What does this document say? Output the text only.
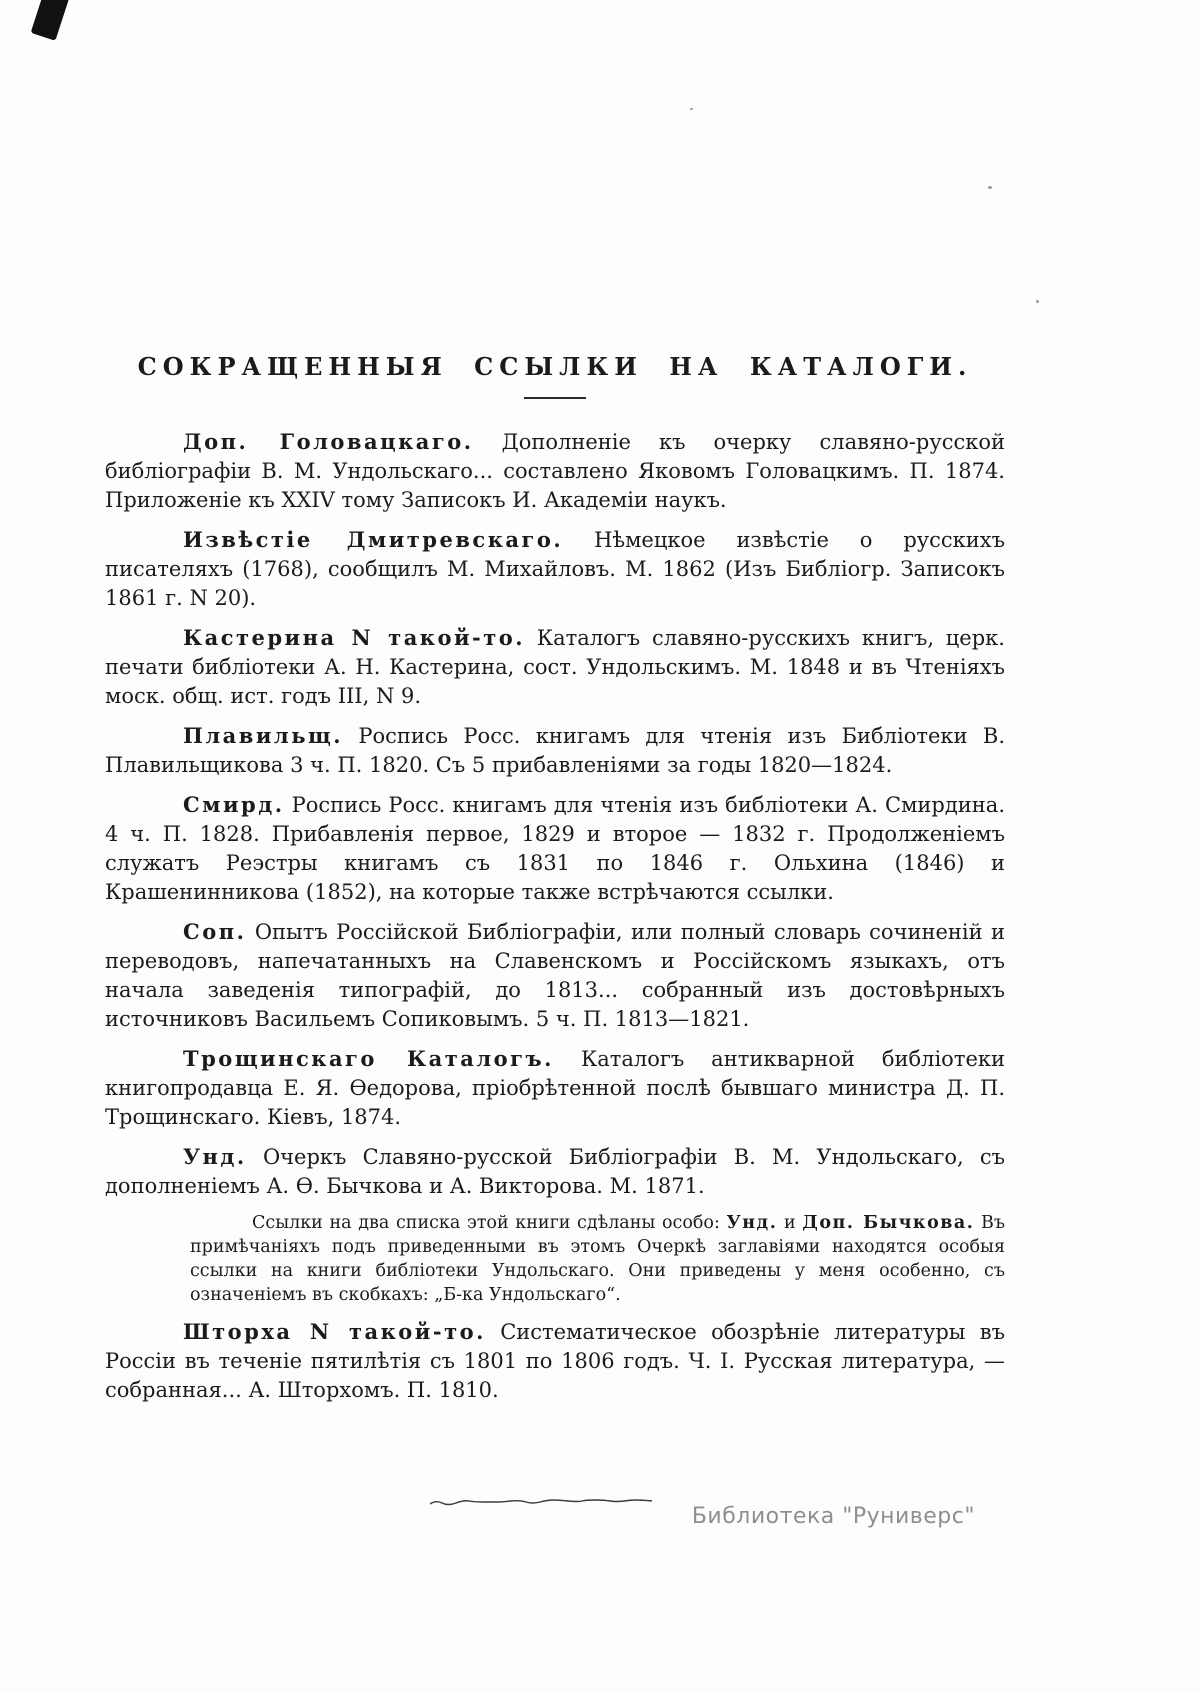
СОКРАЩЕННЫЯ ССЫЛКИ НА КАТАЛОГИ.

Доп. Головацкаго. Дополненіе къ очерку славяно-русской библіографіи В. М. Ундольскаго... составлено Яковомъ Головацкимъ. П. 1874. Приложеніе къ XXIV тому Записокъ И. Академіи наукъ.

Извѣстіе Дмитревскаго. Нѣмецкое извѣстіе о русскихъ писателяхъ (1768), сообщилъ М. Михайловъ. М. 1862 (Изъ Библіогр. Записокъ 1861 г. N 20).

Кастерина N такой-то. Каталогъ славяно-русскихъ книгъ, церк. печати библіотеки А. Н. Кастерина, сост. Ундольскимъ. М. 1848 и въ Чтеніяхъ моск. общ. ист. годъ III, N 9.

Плавильщ. Роспись Росс. книгамъ для чтенія изъ Библіотеки В. Плавильщикова 3 ч. П. 1820. Съ 5 прибавленіями за годы 1820—1824.

Смирд. Роспись Росс. книгамъ для чтенія изъ библіотеки А. Смирдина. 4 ч. П. 1828. Прибавленія первое, 1829 и второе — 1832 г. Продолженіемъ служатъ Реэстры книгамъ съ 1831 по 1846 г. Ольхина (1846) и Крашенинникова (1852), на которые также встрѣчаются ссылки.

Соп. Опытъ Россійской Библіографіи, или полный словарь сочиненій и переводовъ, напечатанныхъ на Славенскомъ и Россійскомъ языкахъ, отъ начала заведенія типографій, до 1813... собранный изъ достовѣрныхъ источниковъ Васильемъ Сопиковымъ. 5 ч. П. 1813—1821.

Трощинскаго Каталогъ. Каталогъ антикварной библіотеки книгопродавца Е. Я. Ѳедорова, пріобрѣтенной послѣ бывшаго министра Д. П. Трощинскаго. Кіевъ, 1874.

Унд. Очеркъ Славяно-русской Библіографіи В. М. Ундольскаго, съ дополненіемъ А. Ѳ. Бычкова и А. Викторова. М. 1871.

Ссылки на два списка этой книги сдѣланы особо: Унд. и Доп. Бычкова. Въ примѣчаніяхъ подъ приведенными въ этомъ Очеркѣ заглавіями находятся особыя ссылки на книги библіотеки Ундольскаго. Они приведены у меня особенно, съ означеніемъ въ скобкахъ: „Б-ка Ундольскаго“.

Шторха N такой-то. Систематическое обозрѣніе литературы въ Россіи въ теченіе пятилѣтія съ 1801 по 1806 годъ. Ч. I. Русская литература, — собранная... А. Шторхомъ. П. 1810.

Библиотека "Руниверс"
